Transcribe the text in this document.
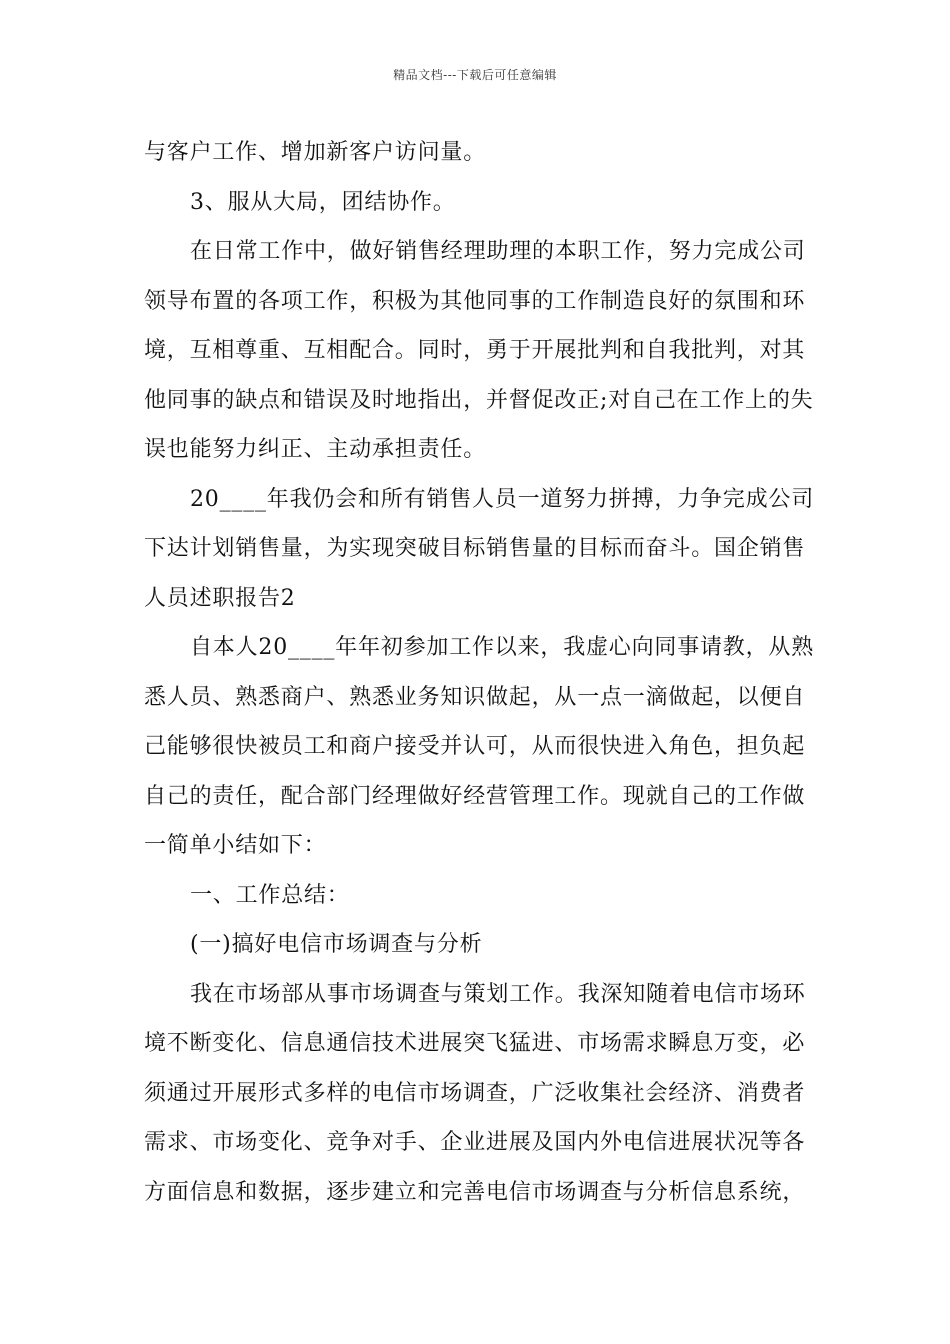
精品文档---下载后可任意编辑
与客户工作、增加新客户访问量。
3、服从大局，团结协作。
在日常工作中，做好销售经理助理的本职工作，努力完成公司
领导布置的各项工作，积极为其他同事的工作制造良好的氛围和环
境，互相尊重、互相配合。同时，勇于开展批判和自我批判，对其
他同事的缺点和错误及时地指出，并督促改正;对自己在工作上的失
误也能努力纠正、主动承担责任。
20____年我仍会和所有销售人员一道努力拼搏，力争完成公司
下达计划销售量，为实现突破目标销售量的目标而奋斗。国企销售
人员述职报告2
自本人20____年年初参加工作以来，我虚心向同事请教，从熟
悉人员、熟悉商户、熟悉业务知识做起，从一点一滴做起，以便自
己能够很快被员工和商户接受并认可，从而很快进入角色，担负起
自己的责任，配合部门经理做好经营管理工作。现就自己的工作做
一简单小结如下：
一、工作总结：
(一)搞好电信市场调查与分析
我在市场部从事市场调查与策划工作。我深知随着电信市场环
境不断变化、信息通信技术进展突飞猛进、市场需求瞬息万变，必
须通过开展形式多样的电信市场调查，广泛收集社会经济、消费者
需求、市场变化、竞争对手、企业进展及国内外电信进展状况等各
方面信息和数据，逐步建立和完善电信市场调查与分析信息系统，
